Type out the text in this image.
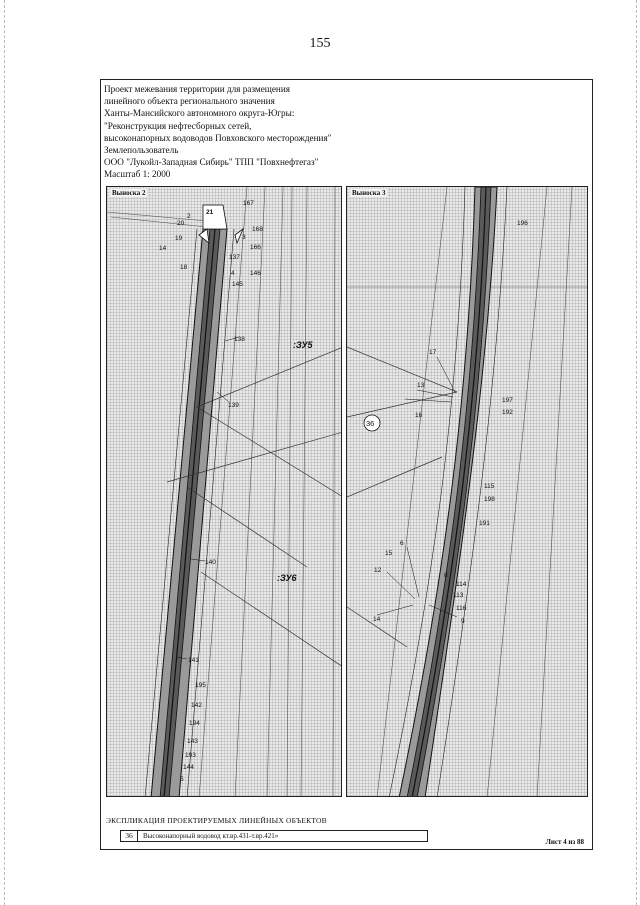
155
Проект межевания территории для размещения
линейного объекта регионального значения
Ханты-Мансийского автономного округа-Югры:
"Реконструкция нефтесборных сетей,
высоконапорных водоводов Повховского месторождения"
Землепользователь
ООО "Лукойл-Западная Сибирь" ТПП "Повхнефтегаз"
Масштаб 1: 2000
21
2
20
19
14
18
167
168
3
166
137
4 146
145
138
139
140
141
195
142
194
143
193
144
5
:ЗУ5
:ЗУ6
Выноска 2
196
17
13
197
192
16
36
115
198
191
6
15
12
8
114
113
116
14	9
Выноска 3
ЭКСПЛИКАЦИЯ ПРОЕКТИРУЕМЫХ ЛИНЕЙНЫХ ОБЪЕКТОВ
36	Высоконапорный водовод кт.вр.431-т.вр.421»
Лист 4 из 88
